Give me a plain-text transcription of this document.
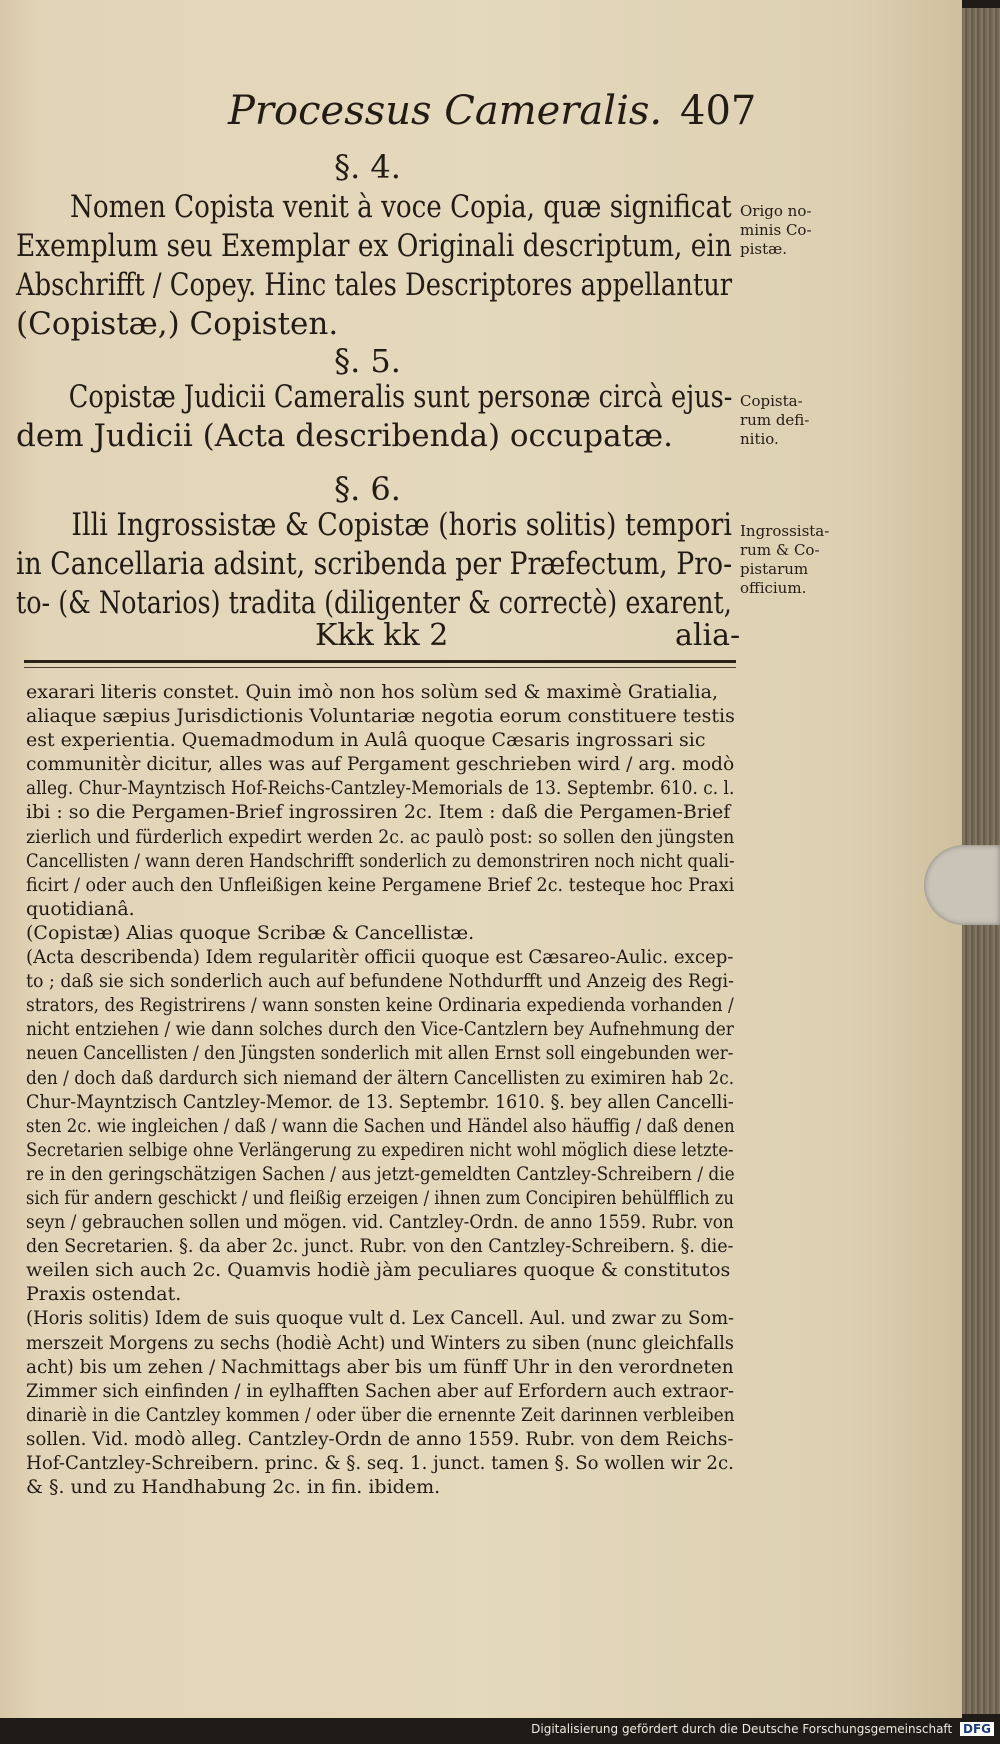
Processus Cameralis. 407
§. 4.
Nomen Copista venit à voce Copia, quæ significat
Exemplum seu Exemplar ex Originali descriptum, ein
Abschrifft / Copey. Hinc tales Descriptores appellantur
(Copistæ,) Copisten.
Origo no-
minis Co-
pistæ.
§. 5.
Copistæ Judicii Cameralis sunt personæ circà ejus-
dem Judicii (Acta describenda) occupatæ.
Copista-
rum defi-
nitio.
§. 6.
Illi Ingrossistæ & Copistæ (horis solitis) tempori
in Cancellaria adsint, scribenda per Præfectum, Pro-
to- (& Notarios) tradita (diligenter & correctè) exarent,
Ingrossista-
rum & Co-
pistarum
officium.
Kkk kk 2	alia-
exarari literis constet. Quin imò non hos solùm sed & maximè Gratialia,
aliaque sæpius Jurisdictionis Voluntariæ negotia eorum constituere testis
est experientia. Quemadmodum in Aulâ quoque Cæsaris ingrossari sic
communitèr dicitur, alles was auf Pergament geschrieben wird / arg. modò
alleg. Chur-Mayntzisch Hof-Reichs-Cantzley-Memorials de 13. Septembr. 610. c. l.
ibi : so die Pergamen-Brief ingrossiren 2c. Item : daß die Pergamen-Brief
zierlich und fürderlich expedirt werden 2c. ac paulò post: so sollen den jüngsten
Cancellisten / wann deren Handschrifft sonderlich zu demonstriren noch nicht quali-
ficirt / oder auch den Unfleißigen keine Pergamene Brief 2c. testeque hoc Praxi
quotidianâ.
(Copistæ) Alias quoque Scribæ & Cancellistæ.
(Acta describenda) Idem regularitèr officii quoque est Cæsareo-Aulic. excep-
to ; daß sie sich sonderlich auch auf befundene Nothdurfft und Anzeig des Regi-
strators, des Registrirens / wann sonsten keine Ordinaria expedienda vorhanden /
nicht entziehen / wie dann solches durch den Vice-Cantzlern bey Aufnehmung der
neuen Cancellisten / den Jüngsten sonderlich mit allen Ernst soll eingebunden wer-
den / doch daß dardurch sich niemand der ältern Cancellisten zu eximiren hab 2c.
Chur-Mayntzisch Cantzley-Memor. de 13. Septembr. 1610. §. bey allen Cancelli-
sten 2c. wie ingleichen / daß / wann die Sachen und Händel also häuffig / daß denen
Secretarien selbige ohne Verlängerung zu expediren nicht wohl möglich diese letzte-
re in den geringschätzigen Sachen / aus jetzt-gemeldten Cantzley-Schreibern / die
sich für andern geschickt / und fleißig erzeigen / ihnen zum Concipiren behülfflich zu
seyn / gebrauchen sollen und mögen. vid. Cantzley-Ordn. de anno 1559. Rubr. von
den Secretarien. §. da aber 2c. junct. Rubr. von den Cantzley-Schreibern. §. die-
weilen sich auch 2c. Quamvis hodiè jàm peculiares quoque & constitutos
Praxis ostendat.
(Horis solitis) Idem de suis quoque vult d. Lex Cancell. Aul. und zwar zu Som-
merszeit Morgens zu sechs (hodiè Acht) und Winters zu siben (nunc gleichfalls
acht) bis um zehen / Nachmittags aber bis um fünff Uhr in den verordneten
Zimmer sich einfinden / in eylhafften Sachen aber auf Erfordern auch extraor-
dinariè in die Cantzley kommen / oder über die ernennte Zeit darinnen verbleiben
sollen. Vid. modò alleg. Cantzley-Ordn de anno 1559. Rubr. von dem Reichs-
Hof-Cantzley-Schreibern. princ. & §. seq. 1. junct. tamen §. So wollen wir 2c.
& §. und zu Handhabung 2c. in fin. ibidem.
Digitalisierung gefördert durch die Deutsche Forschungsgemeinschaft DFG
